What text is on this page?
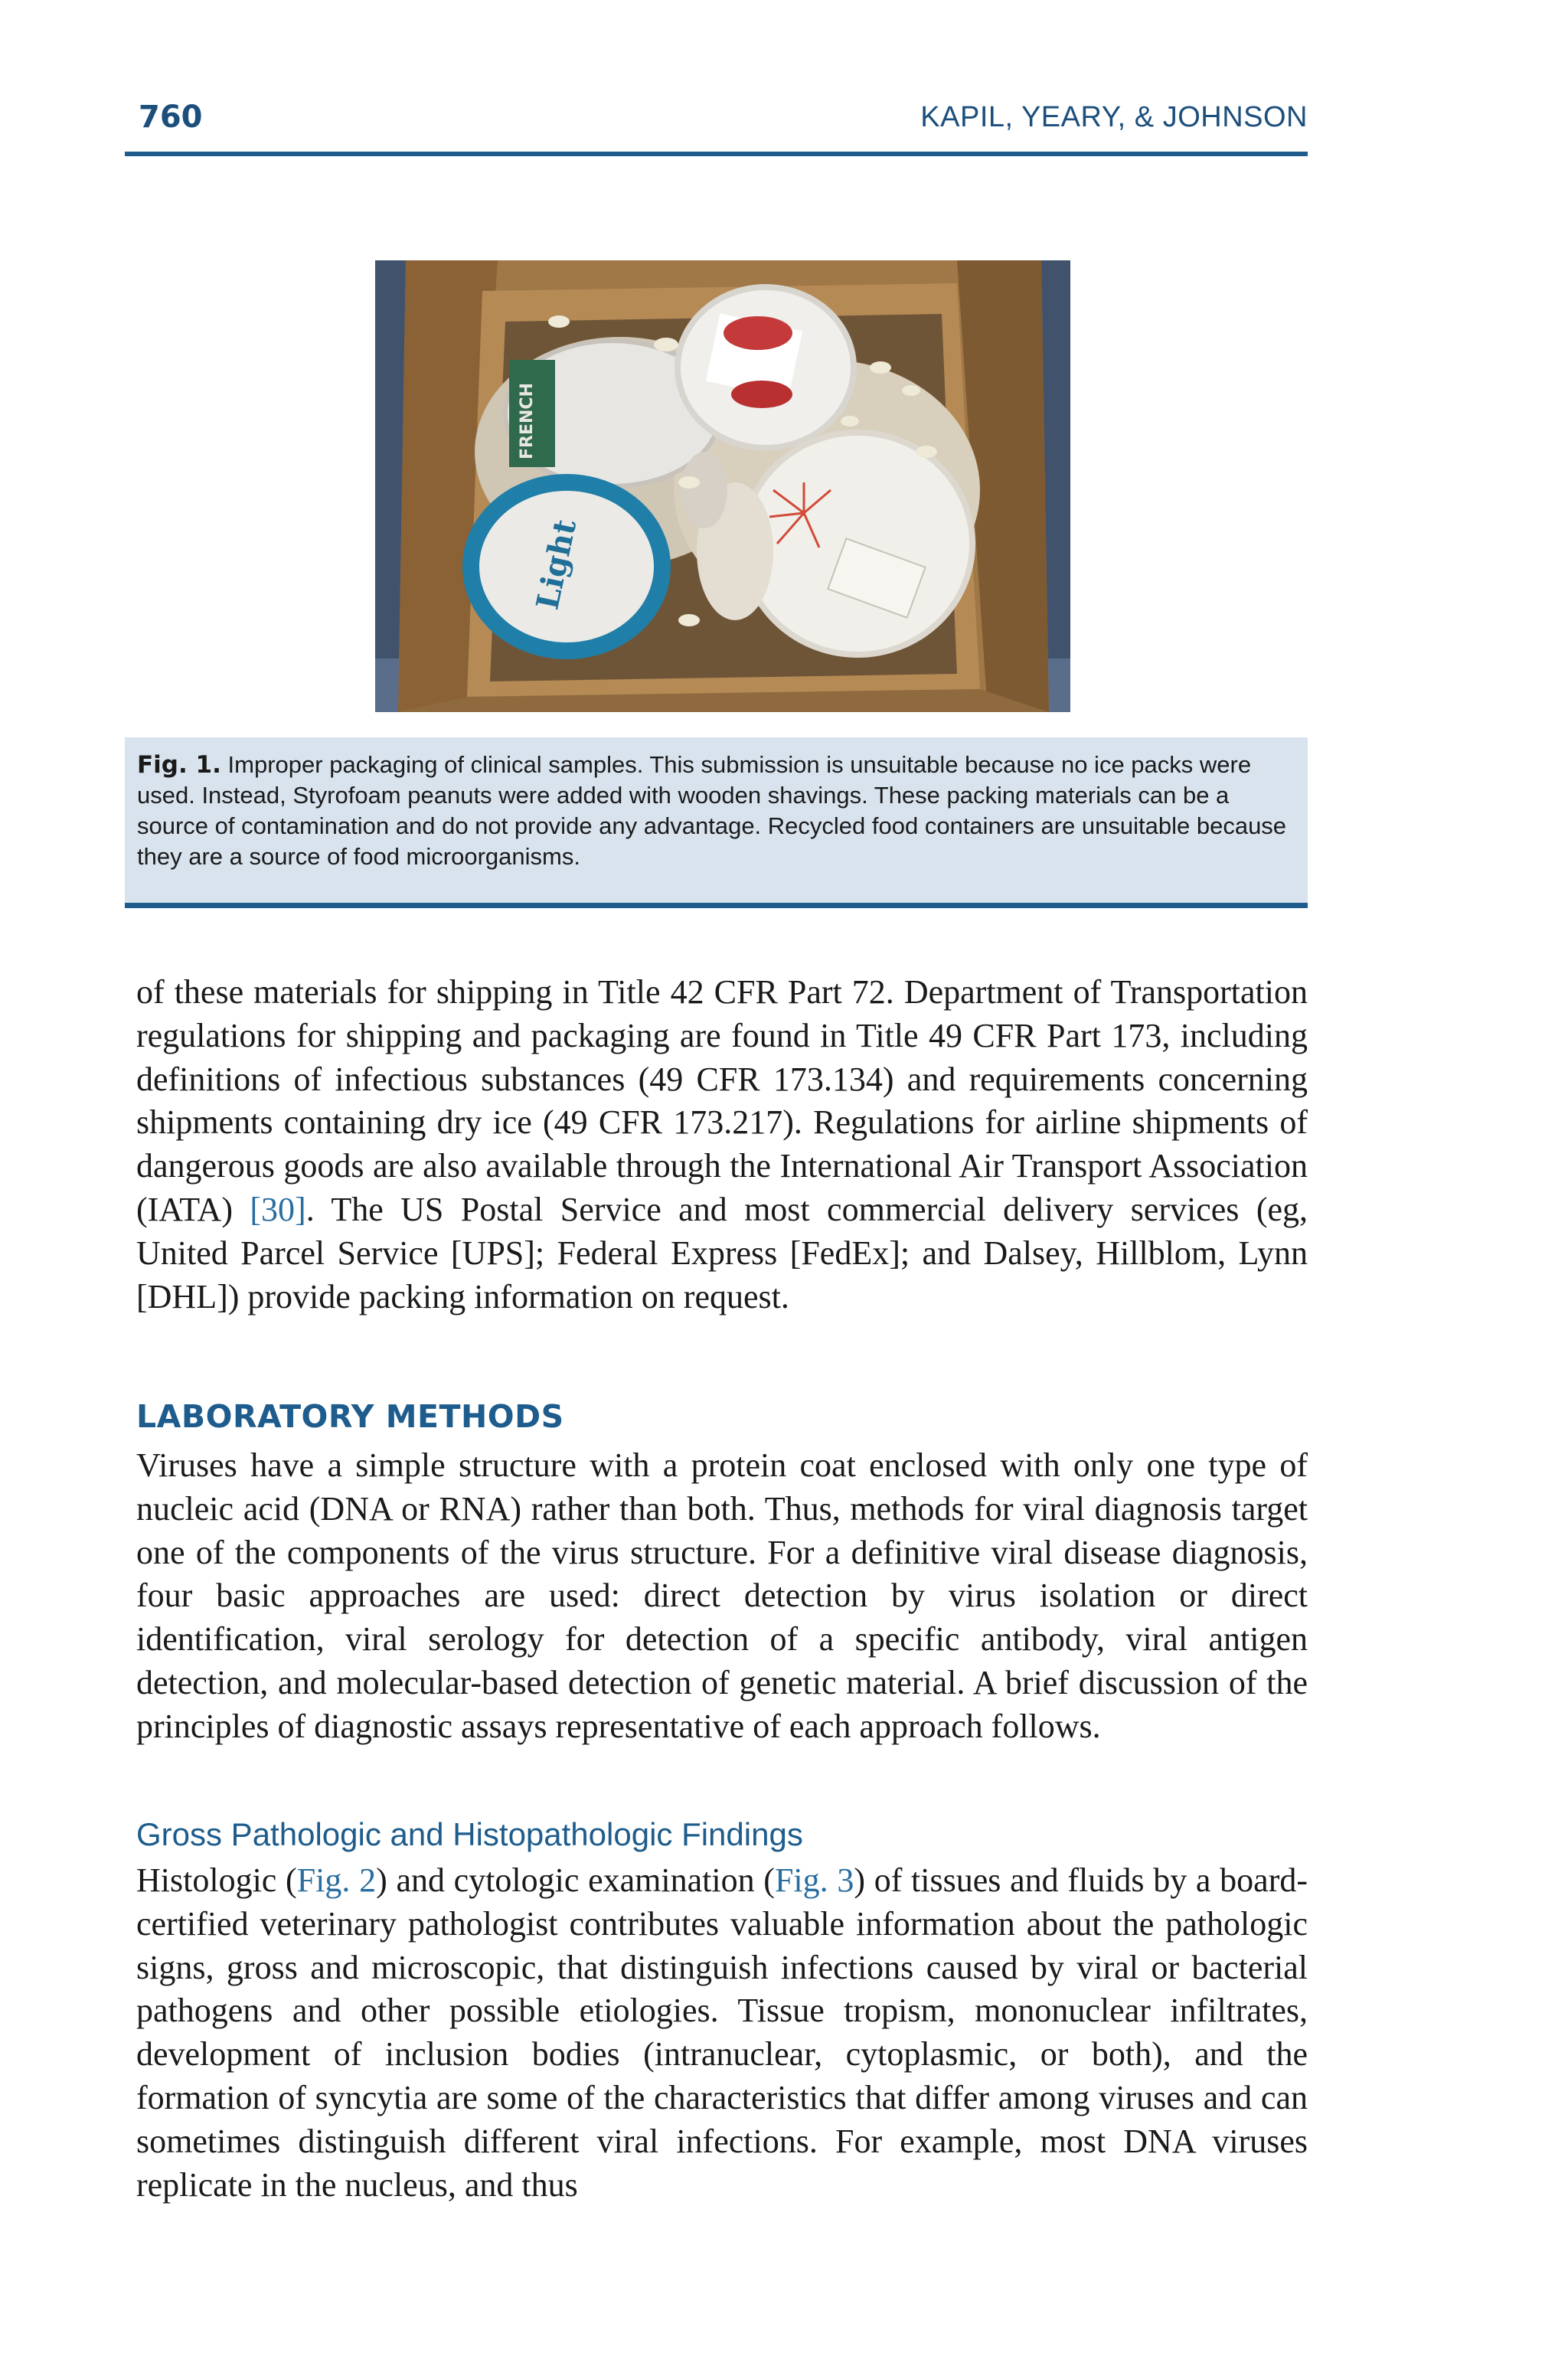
760	KAPIL, YEARY, & JOHNSON
FRENCH
Light
Fig. 1. Improper packaging of clinical samples. This submission is unsuitable because no ice packs were used. Instead, Styrofoam peanuts were added with wooden shavings. These packing materials can be a source of contamination and do not provide any advantage. Recycled food containers are unsuitable because they are a source of food microorganisms.

of these materials for shipping in Title 42 CFR Part 72. Department of Transportation regulations for shipping and packaging are found in Title 49 CFR Part 173, including definitions of infectious substances (49 CFR 173.134) and requirements concerning shipments containing dry ice (49 CFR 173.217). Regulations for airline shipments of dangerous goods are also available through the International Air Transport Association (IATA) [30]. The US Postal Service and most commercial delivery services (eg, United Parcel Service [UPS]; Federal Express [FedEx]; and Dalsey, Hillblom, Lynn [DHL]) provide packing information on request.

LABORATORY METHODS

Viruses have a simple structure with a protein coat enclosed with only one type of nucleic acid (DNA or RNA) rather than both. Thus, methods for viral diagnosis target one of the components of the virus structure. For a definitive viral disease diagnosis, four basic approaches are used: direct detection by virus isolation or direct identification, viral serology for detection of a specific antibody, viral antigen detection, and molecular-based detection of genetic material. A brief discussion of the principles of diagnostic assays representative of each approach follows.

Gross Pathologic and Histopathologic Findings

Histologic (Fig. 2) and cytologic examination (Fig. 3) of tissues and fluids by a board-certified veterinary pathologist contributes valuable information about the pathologic signs, gross and microscopic, that distinguish infections caused by viral or bacterial pathogens and other possible etiologies. Tissue tropism, mononuclear infiltrates, development of inclusion bodies (intranuclear, cytoplasmic, or both), and the formation of syncytia are some of the characteristics that differ among viruses and can sometimes distinguish different viral infections. For example, most DNA viruses replicate in the nucleus, and thus
